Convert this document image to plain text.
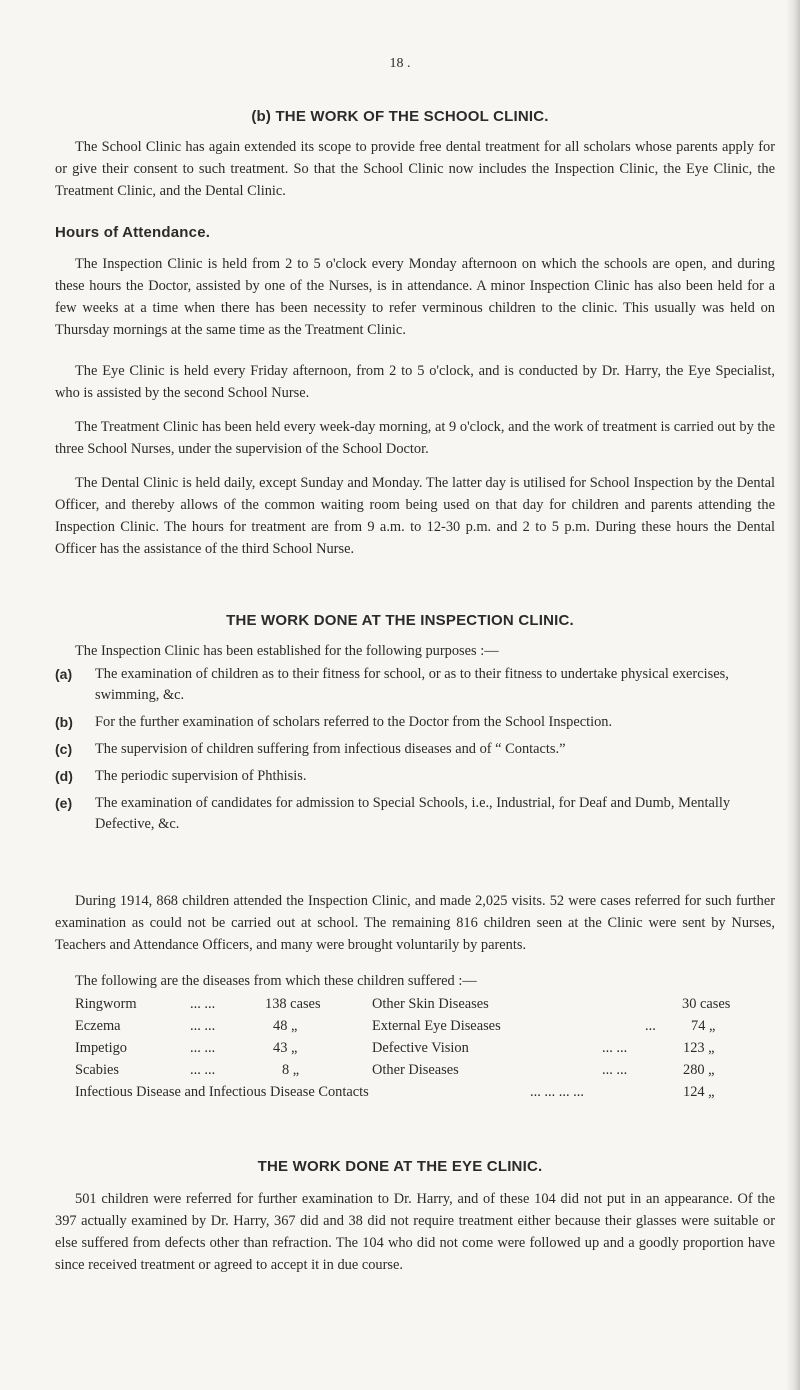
18 .
(b) THE WORK OF THE SCHOOL CLINIC.
The School Clinic has again extended its scope to provide free dental treatment for all scholars whose parents apply for or give their consent to such treatment. So that the School Clinic now includes the Inspection Clinic, the Eye Clinic, the Treatment Clinic, and the Dental Clinic.
Hours of Attendance.
The Inspection Clinic is held from 2 to 5 o'clock every Monday afternoon on which the schools are open, and during these hours the Doctor, assisted by one of the Nurses, is in attendance. A minor Inspection Clinic has also been held for a few weeks at a time when there has been necessity to refer verminous children to the clinic. This usually was held on Thursday mornings at the same time as the Treatment Clinic.
The Eye Clinic is held every Friday afternoon, from 2 to 5 o'clock, and is conducted by Dr. Harry, the Eye Specialist, who is assisted by the second School Nurse.
The Treatment Clinic has been held every week-day morning, at 9 o'clock, and the work of treatment is carried out by the three School Nurses, under the supervision of the School Doctor.
The Dental Clinic is held daily, except Sunday and Monday. The latter day is utilised for School Inspection by the Dental Officer, and thereby allows of the common waiting room being used on that day for children and parents attending the Inspection Clinic. The hours for treatment are from 9 a.m. to 12-30 p.m. and 2 to 5 p.m. During these hours the Dental Officer has the assistance of the third School Nurse.
THE WORK DONE AT THE INSPECTION CLINIC.
The Inspection Clinic has been established for the following purposes :—
(a) The examination of children as to their fitness for school, or as to their fitness to undertake physical exercises, swimming, &c.
(b) For the further examination of scholars referred to the Doctor from the School Inspection.
(c) The supervision of children suffering from infectious diseases and of “ Contacts.”
(d) The periodic supervision of Phthisis.
(e) The examination of candidates for admission to Special Schools, i.e., Industrial, for Deaf and Dumb, Mentally Defective, &c.
During 1914, 868 children attended the Inspection Clinic, and made 2,025 visits. 52 were cases referred for such further examination as could not be carried out at school. The remaining 816 children seen at the Clinic were sent by Nurses, Teachers and Attendance Officers, and many were brought voluntarily by parents.
The following are the diseases from which these children suffered :—
Ringworm	... ...	138 cases	Other Skin Diseases	30 cases
Eczema	... ...	48 „	External Eye Diseases	... 74 „
Impetigo	... ...	43 „	Defective Vision	... ...	123 „
Scabies	... ...	8 „	Other Diseases	... ...	280 „
Infectious Disease and Infectious Disease Contacts	... ... ... ...	124 „
THE WORK DONE AT THE EYE CLINIC.
501 children were referred for further examination to Dr. Harry, and of these 104 did not put in an appearance. Of the 397 actually examined by Dr. Harry, 367 did and 38 did not require treatment either because their glasses were suitable or else suffered from defects other than refraction. The 104 who did not come were followed up and a goodly proportion have since received treatment or agreed to accept it in due course.
